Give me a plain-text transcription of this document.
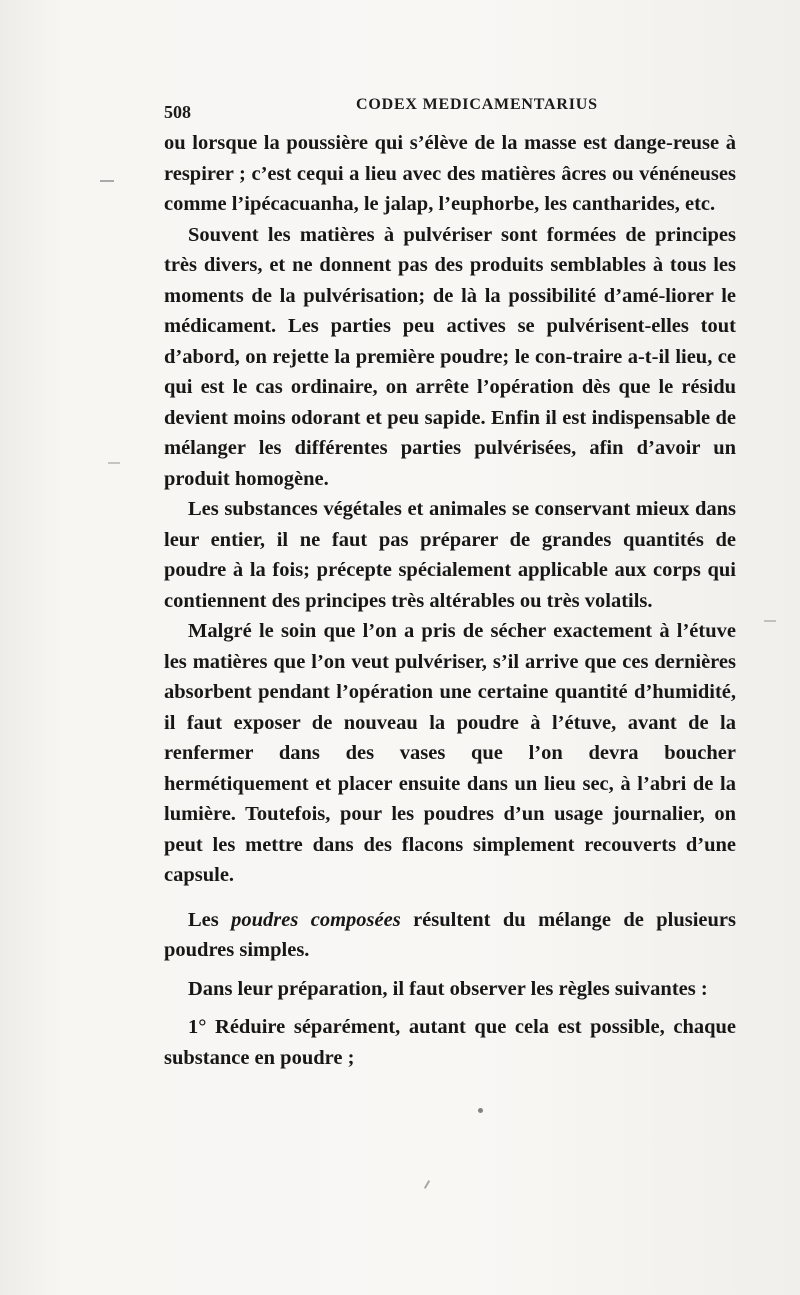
508	CODEX MEDICAMENTARIUS

ou lorsque la poussière qui s’élève de la masse est dange-reuse à respirer ; c’est cequi a lieu avec des matières âcres ou vénéneuses comme l’ipécacuanha, le jalap, l’euphorbe, les cantharides, etc.

Souvent les matières à pulvériser sont formées de principes très divers, et ne donnent pas des produits semblables à tous les moments de la pulvérisation; de là la possibilité d’amé-liorer le médicament. Les parties peu actives se pulvérisent-elles tout d’abord, on rejette la première poudre; le con-traire a-t-il lieu, ce qui est le cas ordinaire, on arrête l’opération dès que le résidu devient moins odorant et peu sapide. Enfin il est indispensable de mélanger les différentes parties pulvérisées, afin d’avoir un produit homogène.

Les substances végétales et animales se conservant mieux dans leur entier, il ne faut pas préparer de grandes quantités de poudre à la fois; précepte spécialement applicable aux corps qui contiennent des principes très altérables ou très volatils.

Malgré le soin que l’on a pris de sécher exactement à l’étuve les matières que l’on veut pulvériser, s’il arrive que ces dernières absorbent pendant l’opération une certaine quantité d’humidité, il faut exposer de nouveau la poudre à l’étuve, avant de la renfermer dans des vases que l’on devra boucher hermétiquement et placer ensuite dans un lieu sec, à l’abri de la lumière. Toutefois, pour les poudres d’un usage journalier, on peut les mettre dans des flacons simplement recouverts d’une capsule.

Les poudres composées résultent du mélange de plusieurs poudres simples.

Dans leur préparation, il faut observer les règles suivantes :

1° Réduire séparément, autant que cela est possible, chaque substance en poudre ;
